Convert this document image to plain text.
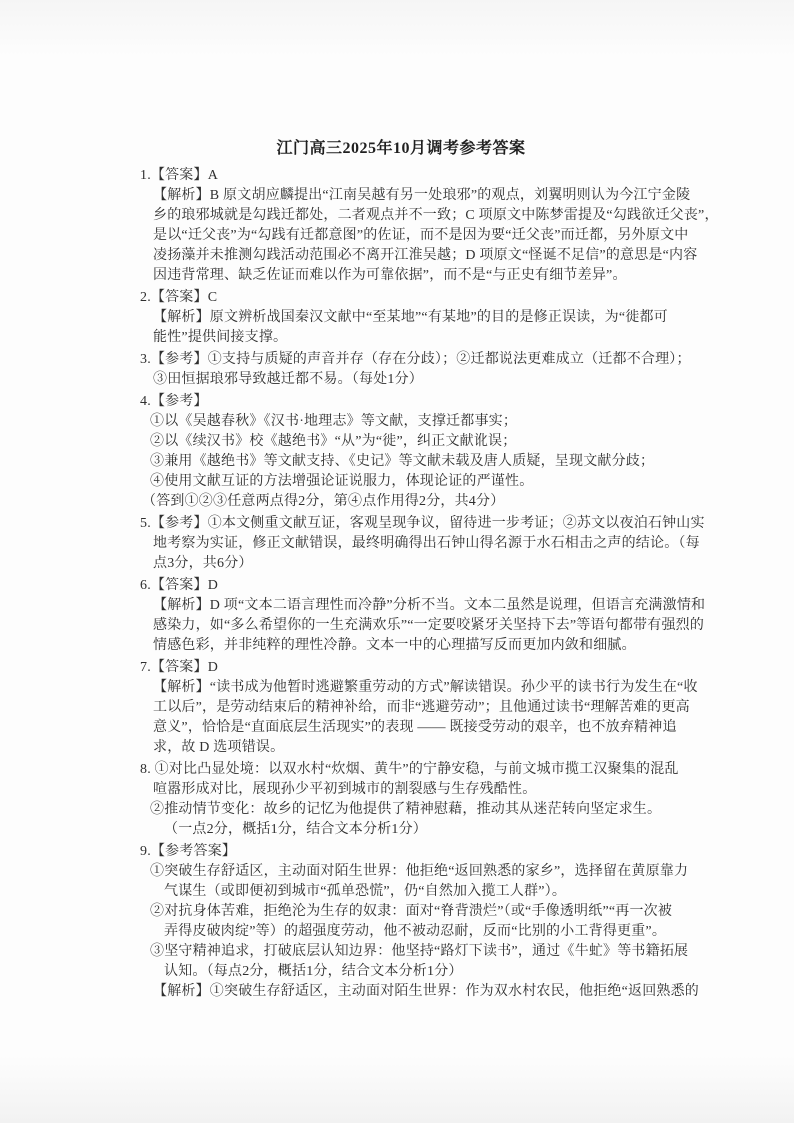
江门高三2025年10月调考参考答案
1.【答案】A
【解析】B 原文胡应麟提出“江南吴越有另一处琅邪”的观点，刘翼明则认为今江宁金陵
乡的琅邪城就是勾践迁都处，二者观点并不一致；C 项原文中陈梦雷提及“勾践欲迁父丧”，
是以“迁父丧”为“勾践有迁都意图”的佐证，而不是因为要“迁父丧”而迁都，另外原文中
凌扬藻并未推测勾践活动范围必不离开江淮吴越；D 项原文“怪诞不足信”的意思是“内容
因违背常理、缺乏佐证而难以作为可靠依据”，而不是“与正史有细节差异”。
2.【答案】C
【解析】原文辨析战国秦汉文献中“至某地”“有某地”的目的是修正误读，为“徙都可
能性”提供间接支撑。
3.【参考】①支持与质疑的声音并存（存在分歧）；②迁都说法更难成立（迁都不合理）；
③田恒据琅邪导致越迁都不易。（每处1分）
4.【参考】
①以《吴越春秋》《汉书·地理志》等文献，支撑迁都事实；
②以《续汉书》校《越绝书》“从”为“徙”，纠正文献讹误；
③兼用《越绝书》等文献支持、《史记》等文献未载及唐人质疑，呈现文献分歧；
④使用文献互证的方法增强论证说服力，体现论证的严谨性。
（答到①②③任意两点得2分，第④点作用得2分，共4分）
5.【参考】①本文侧重文献互证，客观呈现争议，留待进一步考证；②苏文以夜泊石钟山实
地考察为实证，修正文献错误，最终明确得出石钟山得名源于水石相击之声的结论。（每
点3分，共6分）
6.【答案】D
【解析】D 项“文本二语言理性而冷静”分析不当。文本二虽然是说理，但语言充满激情和
感染力，如“多么希望你的一生充满欢乐”“一定要咬紧牙关坚持下去”等语句都带有强烈的
情感色彩，并非纯粹的理性冷静。文本一中的心理描写反而更加内敛和细腻。
7.【答案】D
【解析】“读书成为他暂时逃避繁重劳动的方式”解读错误。孙少平的读书行为发生在“收
工以后”，是劳动结束后的精神补给，而非“逃避劳动”；且他通过读书“理解苦难的更高
意义”，恰恰是“直面底层生活现实”的表现 —— 既接受劳动的艰辛，也不放弃精神追
求，故 D 选项错误。
8. ①对比凸显处境：以双水村“炊烟、黄牛”的宁静安稳，与前文城市揽工汉聚集的混乱
喧嚣形成对比，展现孙少平初到城市的割裂感与生存残酷性。
②推动情节变化：故乡的记忆为他提供了精神慰藉，推动其从迷茫转向坚定求生。
（一点2分，概括1分，结合文本分析1分）
9.【参考答案】
①突破生存舒适区，主动面对陌生世界：他拒绝“返回熟悉的家乡”，选择留在黄原靠力
气谋生（或即便初到城市“孤单恐慌”，仍“自然加入揽工人群”）。
②对抗身体苦难，拒绝沦为生存的奴隶：面对“脊背溃烂”（或“手像透明纸”“再一次被
弄得皮破肉绽”等）的超强度劳动，他不被动忍耐，反而“比别的小工背得更重”。
③坚守精神追求，打破底层认知边界：他坚持“路灯下读书”，通过《牛虻》等书籍拓展
认知。（每点2分，概括1分，结合文本分析1分）
【解析】①突破生存舒适区，主动面对陌生世界：作为双水村农民，他拒绝“返回熟悉的
